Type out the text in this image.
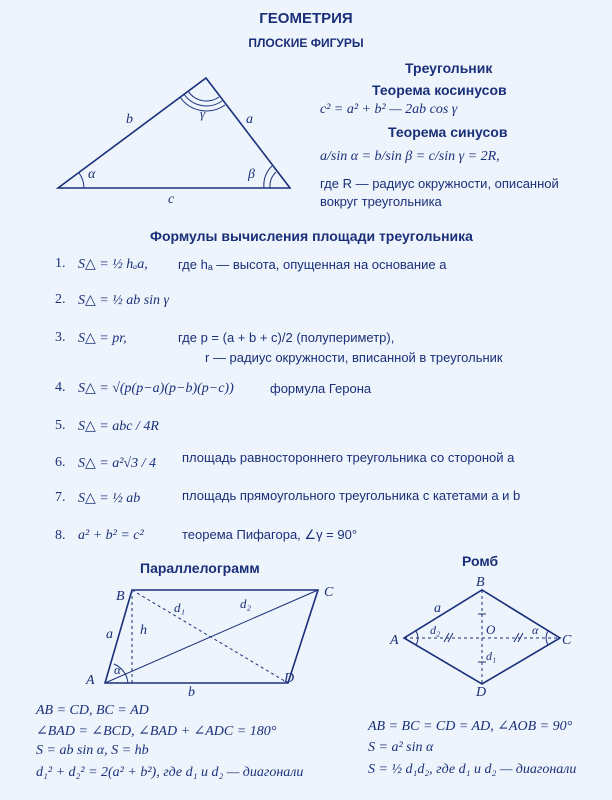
ГЕОМЕТРИЯ
ПЛОСКИЕ ФИГУРЫ
b	a
c
α	β
γ
Треугольник
Теорема косинусов
c² = a² + b² — 2ab cos γ
Теорема синусов
a/sin α = b/sin β = c/sin γ = 2R,
где R — радиус окружности, описанной
вокруг треугольника
Формулы вычисления площади треугольника
1. S△ = ½ hₐa, где hₐ — высота, опущенная на основание a
2. S△ = ½ ab sin γ
3. S△ = pr,	где p = (a + b + c)/2 (полупериметр),
r — радиус окружности, вписанной в треугольник
4. S△ = √(p(p−a)(p−b)(p−c))	формула Герона
5. S△ = abc / 4R
6. S△ = a²√3 / 4 площадь равностороннего треугольника со стороной a
7. S△ = ½ ab	площадь прямоугольного треугольника с катетами a и b
8. a² + b² = c²	теорема Пифагора, ∠γ = 90°
Параллелограмм
B	C
A	D
a
b
h
d₁	d₂
α
AB = CD, BC = AD
∠BAD = ∠BCD, ∠BAD + ∠ADC = 180°
S = ab sin α, S = hb
d₁² + d₂² = 2(a² + b²), где d₁ и d₂ — диагонали
Ромб
B
A	C
D
O
a
d₂
d₁
α
AB = BC = CD = AD, ∠AOB = 90°
S = a² sin α
S = ½ d₁d₂, где d₁ и d₂ — диагонали
